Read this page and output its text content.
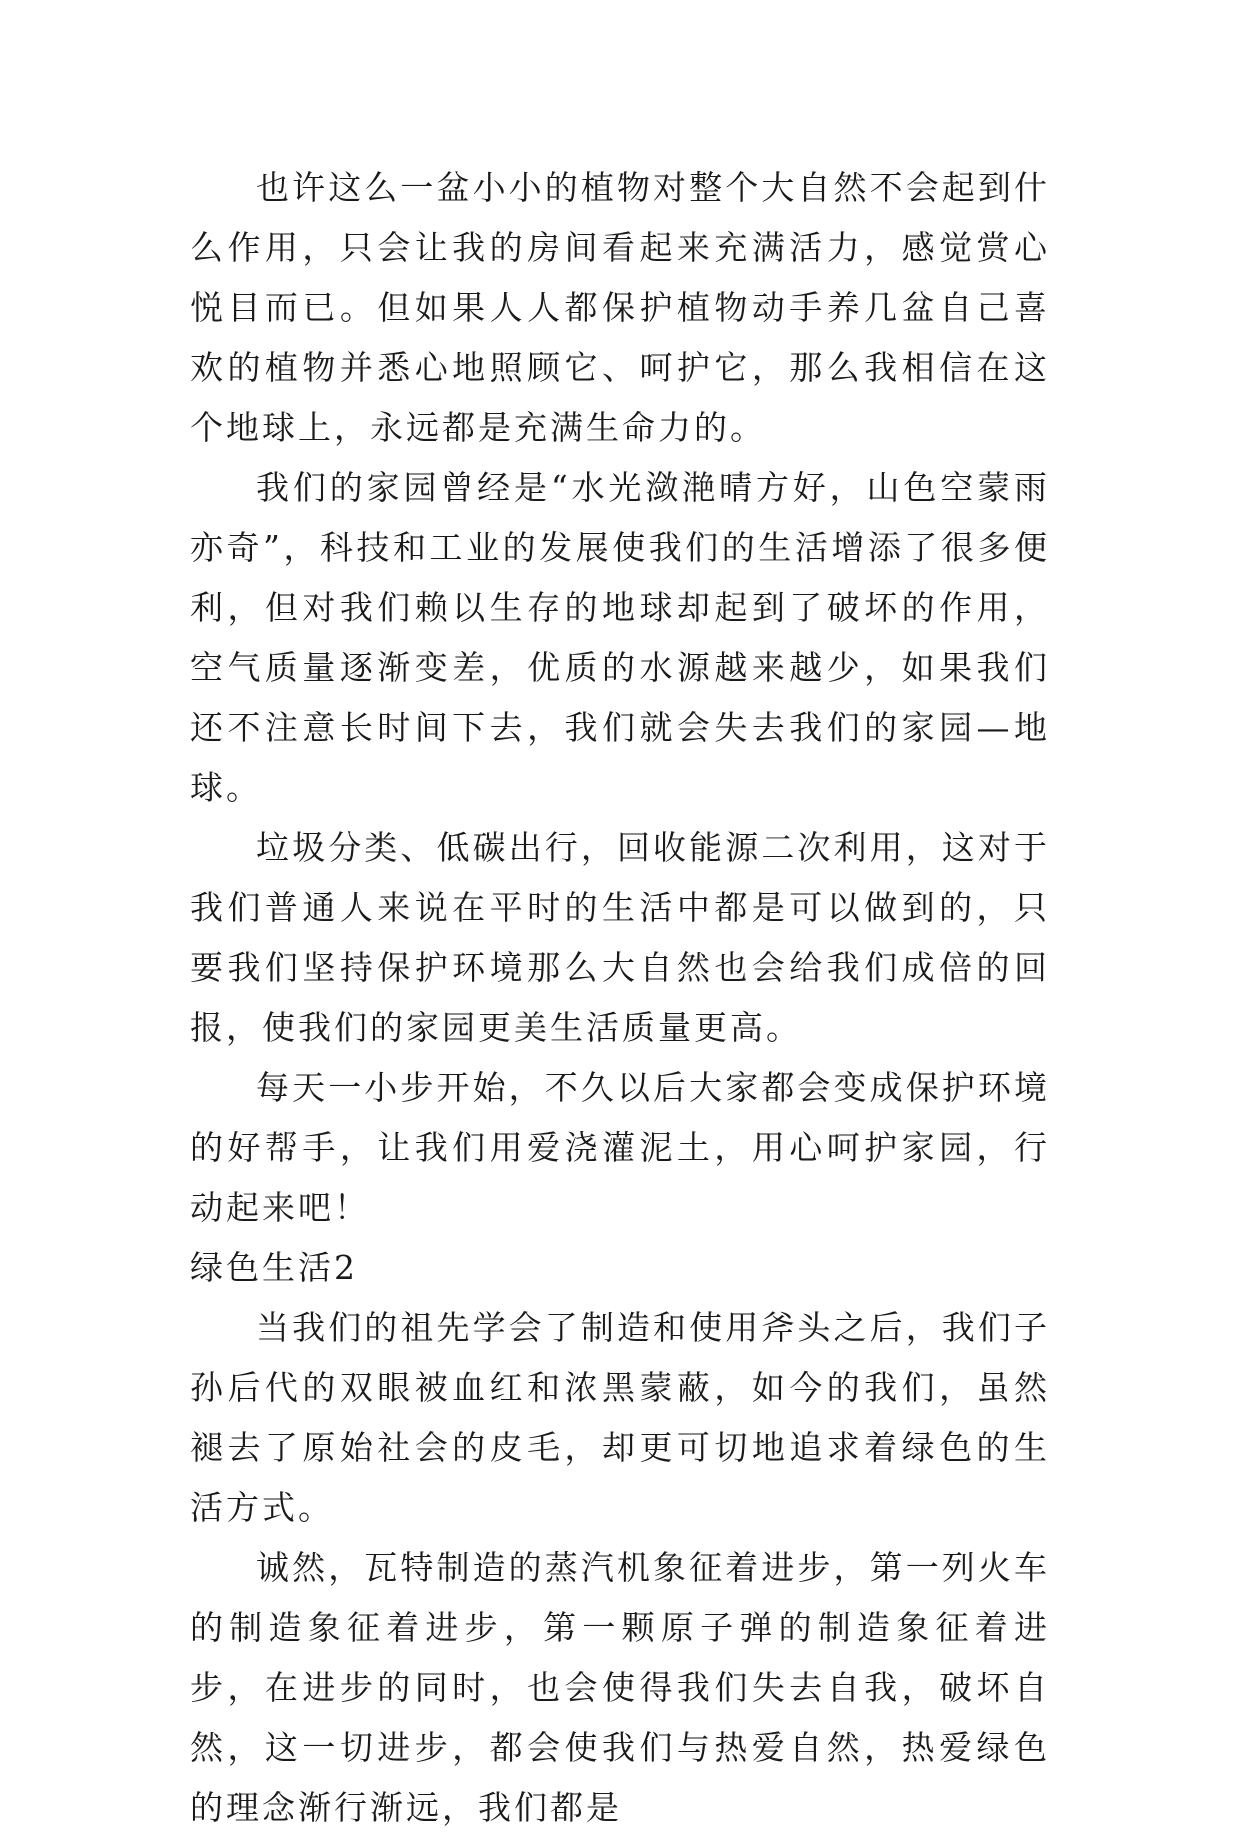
也许这么一盆小小的植物对整个大自然不会起到什么作用，只会让我的房间看起来充满活力，感觉赏心悦目而已。但如果人人都保护植物动手养几盆自己喜欢的植物并悉心地照顾它、呵护它，那么我相信在这个地球上，永远都是充满生命力的。

我们的家园曾经是“水光潋滟晴方好，山色空蒙雨亦奇”，科技和工业的发展使我们的生活增添了很多便利，但对我们赖以生存的地球却起到了破坏的作用，空气质量逐渐变差，优质的水源越来越少，如果我们还不注意长时间下去，我们就会失去我们的家园—地球。

垃圾分类、低碳出行，回收能源二次利用，这对于我们普通人来说在平时的生活中都是可以做到的，只要我们坚持保护环境那么大自然也会给我们成倍的回报，使我们的家园更美生活质量更高。

每天一小步开始，不久以后大家都会变成保护环境的好帮手，让我们用爱浇灌泥土，用心呵护家园，行动起来吧！

绿色生活2

当我们的祖先学会了制造和使用斧头之后，我们子孙后代的双眼被血红和浓黑蒙蔽，如今的我们，虽然褪去了原始社会的皮毛，却更可切地追求着绿色的生活方式。

诚然，瓦特制造的蒸汽机象征着进步，第一列火车的制造象征着进步，第一颗原子弹的制造象征着进步，在进步的同时，也会使得我们失去自我，破坏自然，这一切进步，都会使我们与热爱自然，热爱绿色的理念渐行渐远，我们都是
